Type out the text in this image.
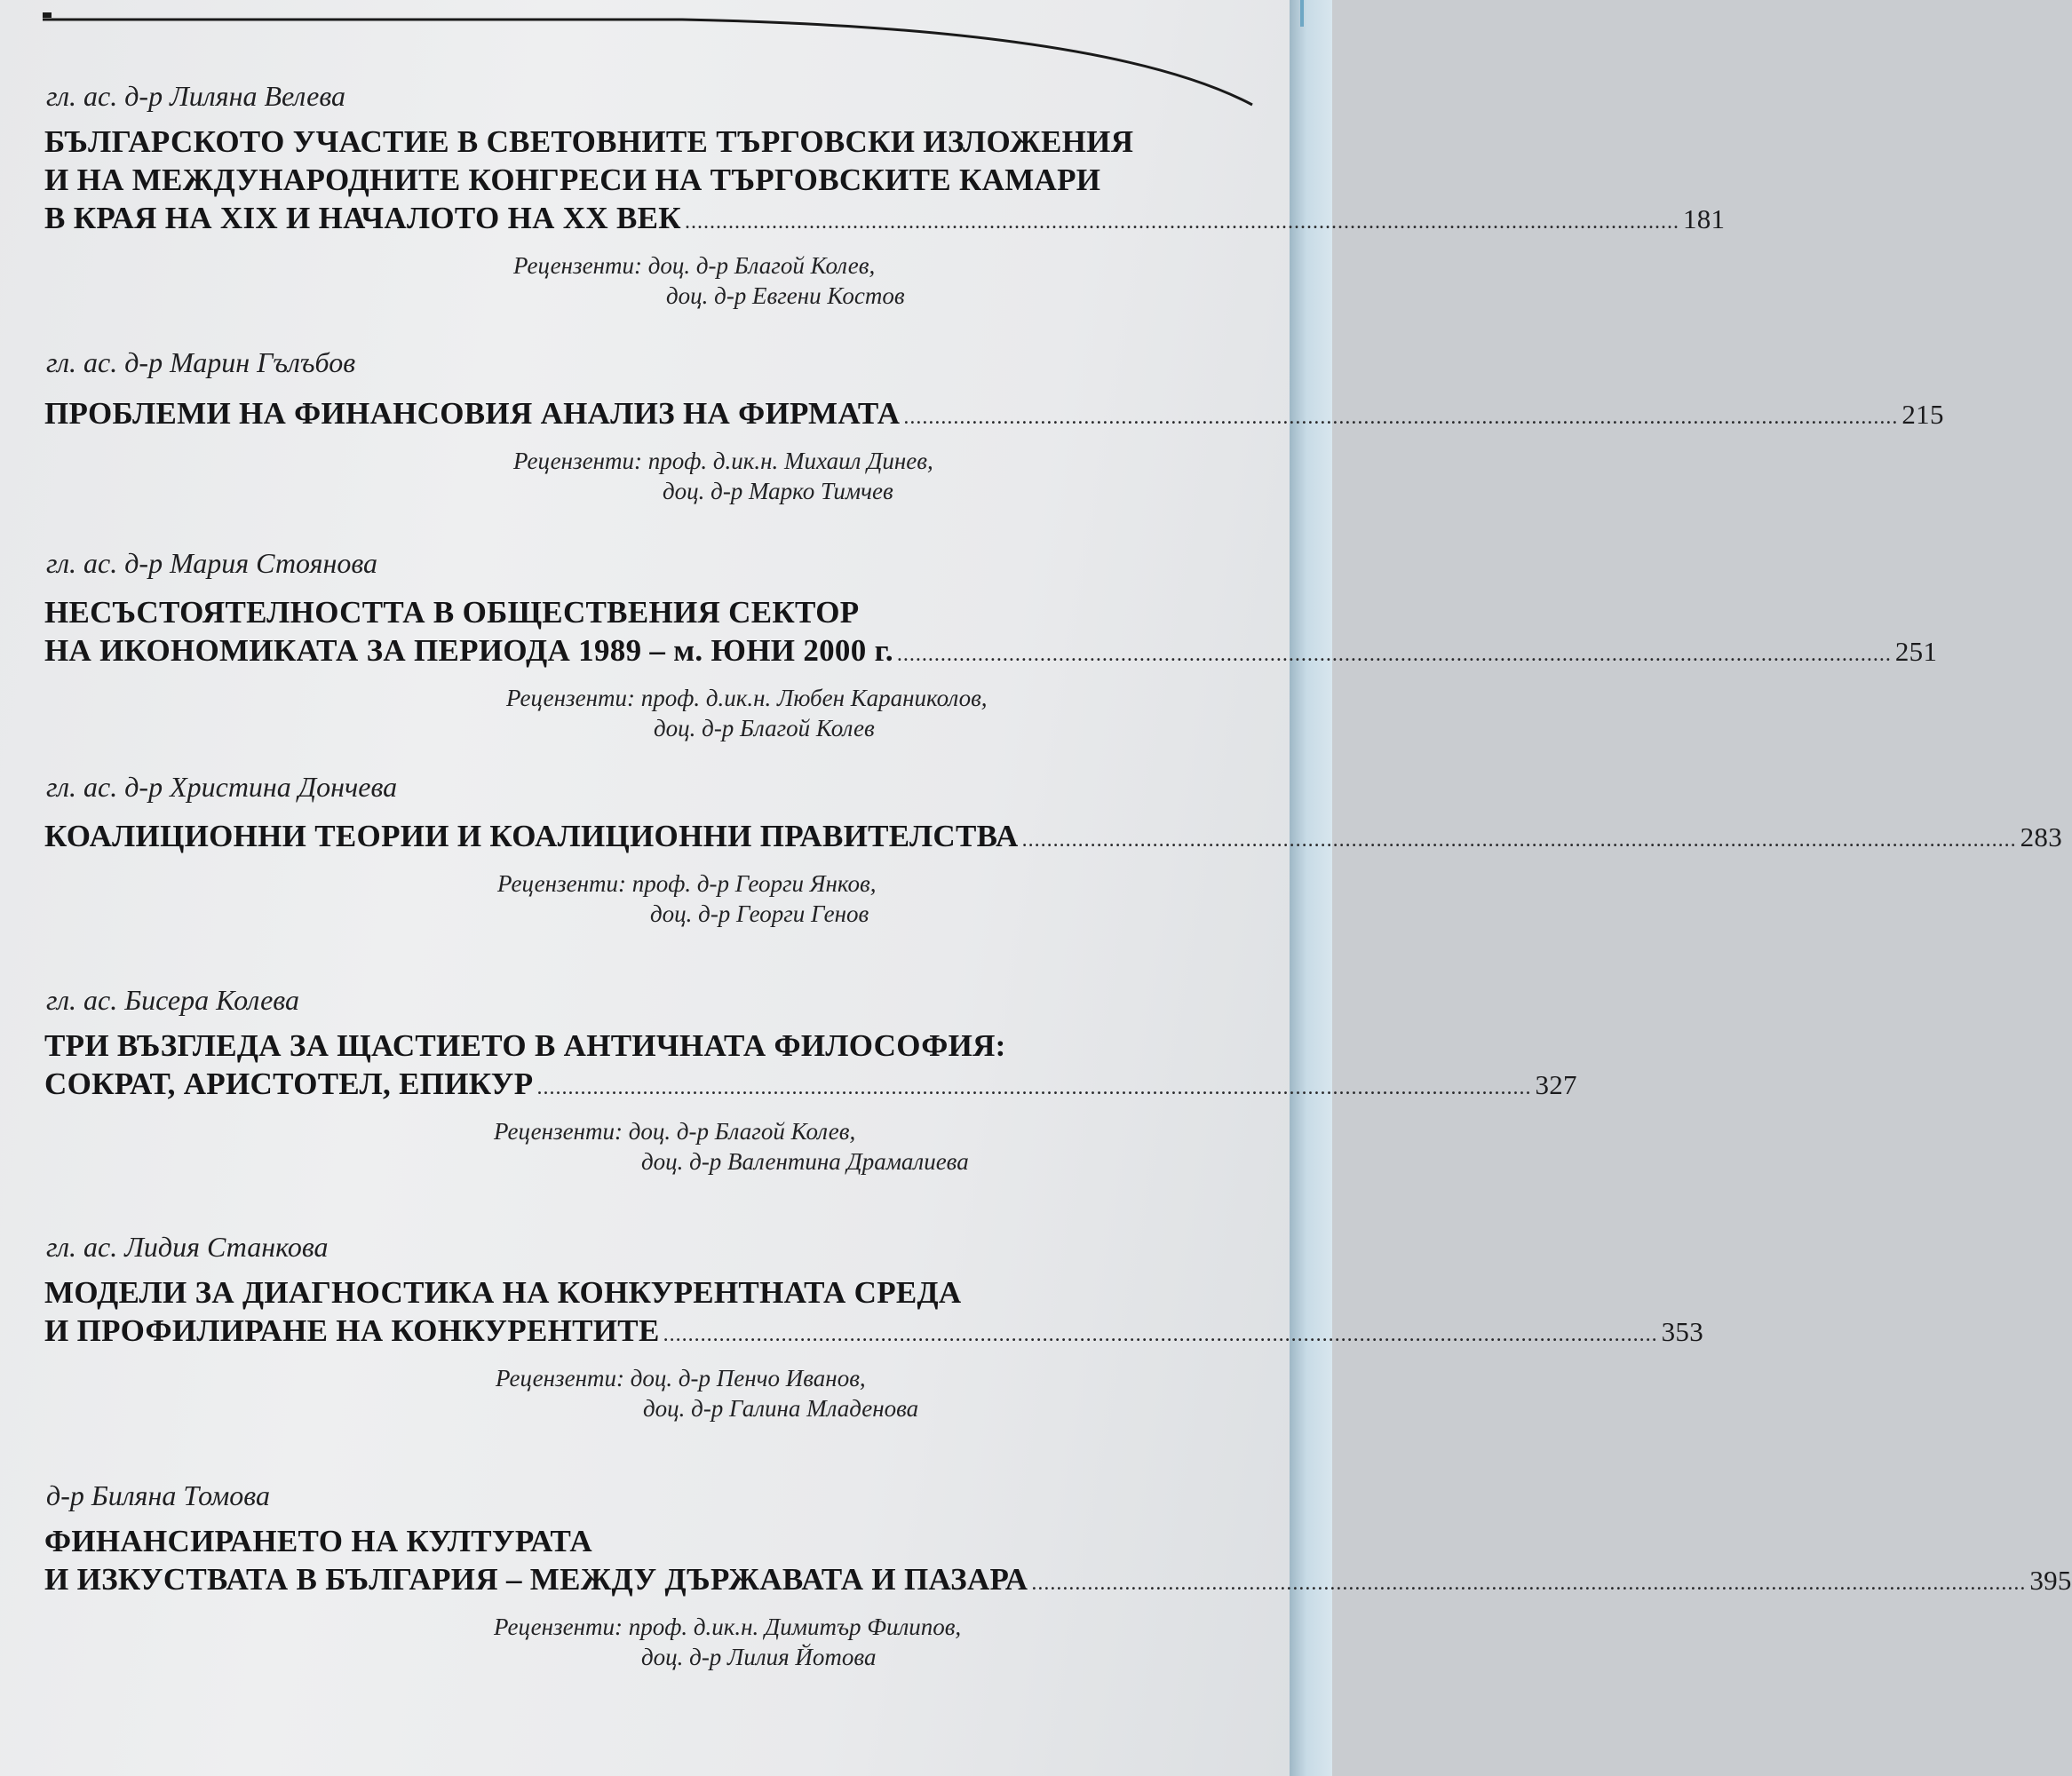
гл. ас. д-р Лиляна Велева
БЪЛГАРСКОТО УЧАСТИЕ В СВЕТОВНИТЕ ТЪРГОВСКИ ИЗЛОЖЕНИЯ
И НА МЕЖДУНАРОДНИТЕ КОНГРЕСИ НА ТЪРГОВСКИТЕ КАМАРИ
В КРАЯ НА XIX И НАЧАЛОТО НА XX ВЕК ................................................................................................................................................................ 181
Рецензенти: доц. д-р Благой Колев,
доц. д-р Евгени Костов
гл. ас. д-р Марин Гълъбов
ПРОБЛЕМИ НА ФИНАНСОВИЯ АНАЛИЗ НА ФИРМАТА ................................................................................................................................................................ 215
Рецензенти: проф. д.ик.н. Михаил Динев,
доц. д-р Марко Тимчев
гл. ас. д-р Мария Стоянова
НЕСЪСТОЯТЕЛНОСТТА В ОБЩЕСТВЕНИЯ СЕКТОР
НА ИКОНОМИКАТА ЗА ПЕРИОДА 1989 – м. ЮНИ 2000 г. ................................................................................................................................................................ 251
Рецензенти: проф. д.ик.н. Любен Караниколов,
доц. д-р Благой Колев
гл. ас. д-р Христина Дончева
КОАЛИЦИОННИ ТЕОРИИ И КОАЛИЦИОННИ ПРАВИТЕЛСТВА ................................................................................................................................................................ 283
Рецензенти: проф. д-р Георги Янков,
доц. д-р Георги Генов
гл. ас. Бисера Колева
ТРИ ВЪЗГЛЕДА ЗА ЩАСТИЕТО В АНТИЧНАТА ФИЛОСОФИЯ:
СОКРАТ, АРИСТОТЕЛ, ЕПИКУР ................................................................................................................................................................ 327
Рецензенти: доц. д-р Благой Колев,
доц. д-р Валентина Драмалиева
гл. ас. Лидия Станкова
МОДЕЛИ ЗА ДИАГНОСТИКА НА КОНКУРЕНТНАТА СРЕДА
И ПРОФИЛИРАНЕ НА КОНКУРЕНТИТЕ ................................................................................................................................................................ 353
Рецензенти: доц. д-р Пенчо Иванов,
доц. д-р Галина Младенова
д-р Биляна Томова
ФИНАНСИРАНЕТО НА КУЛТУРАТА
И ИЗКУСТВАТА В БЪЛГАРИЯ – МЕЖДУ ДЪРЖАВАТА И ПАЗАРА ................................................................................................................................................................ 395
Рецензенти: проф. д.ик.н. Димитър Филипов,
доц. д-р Лилия Йотова
